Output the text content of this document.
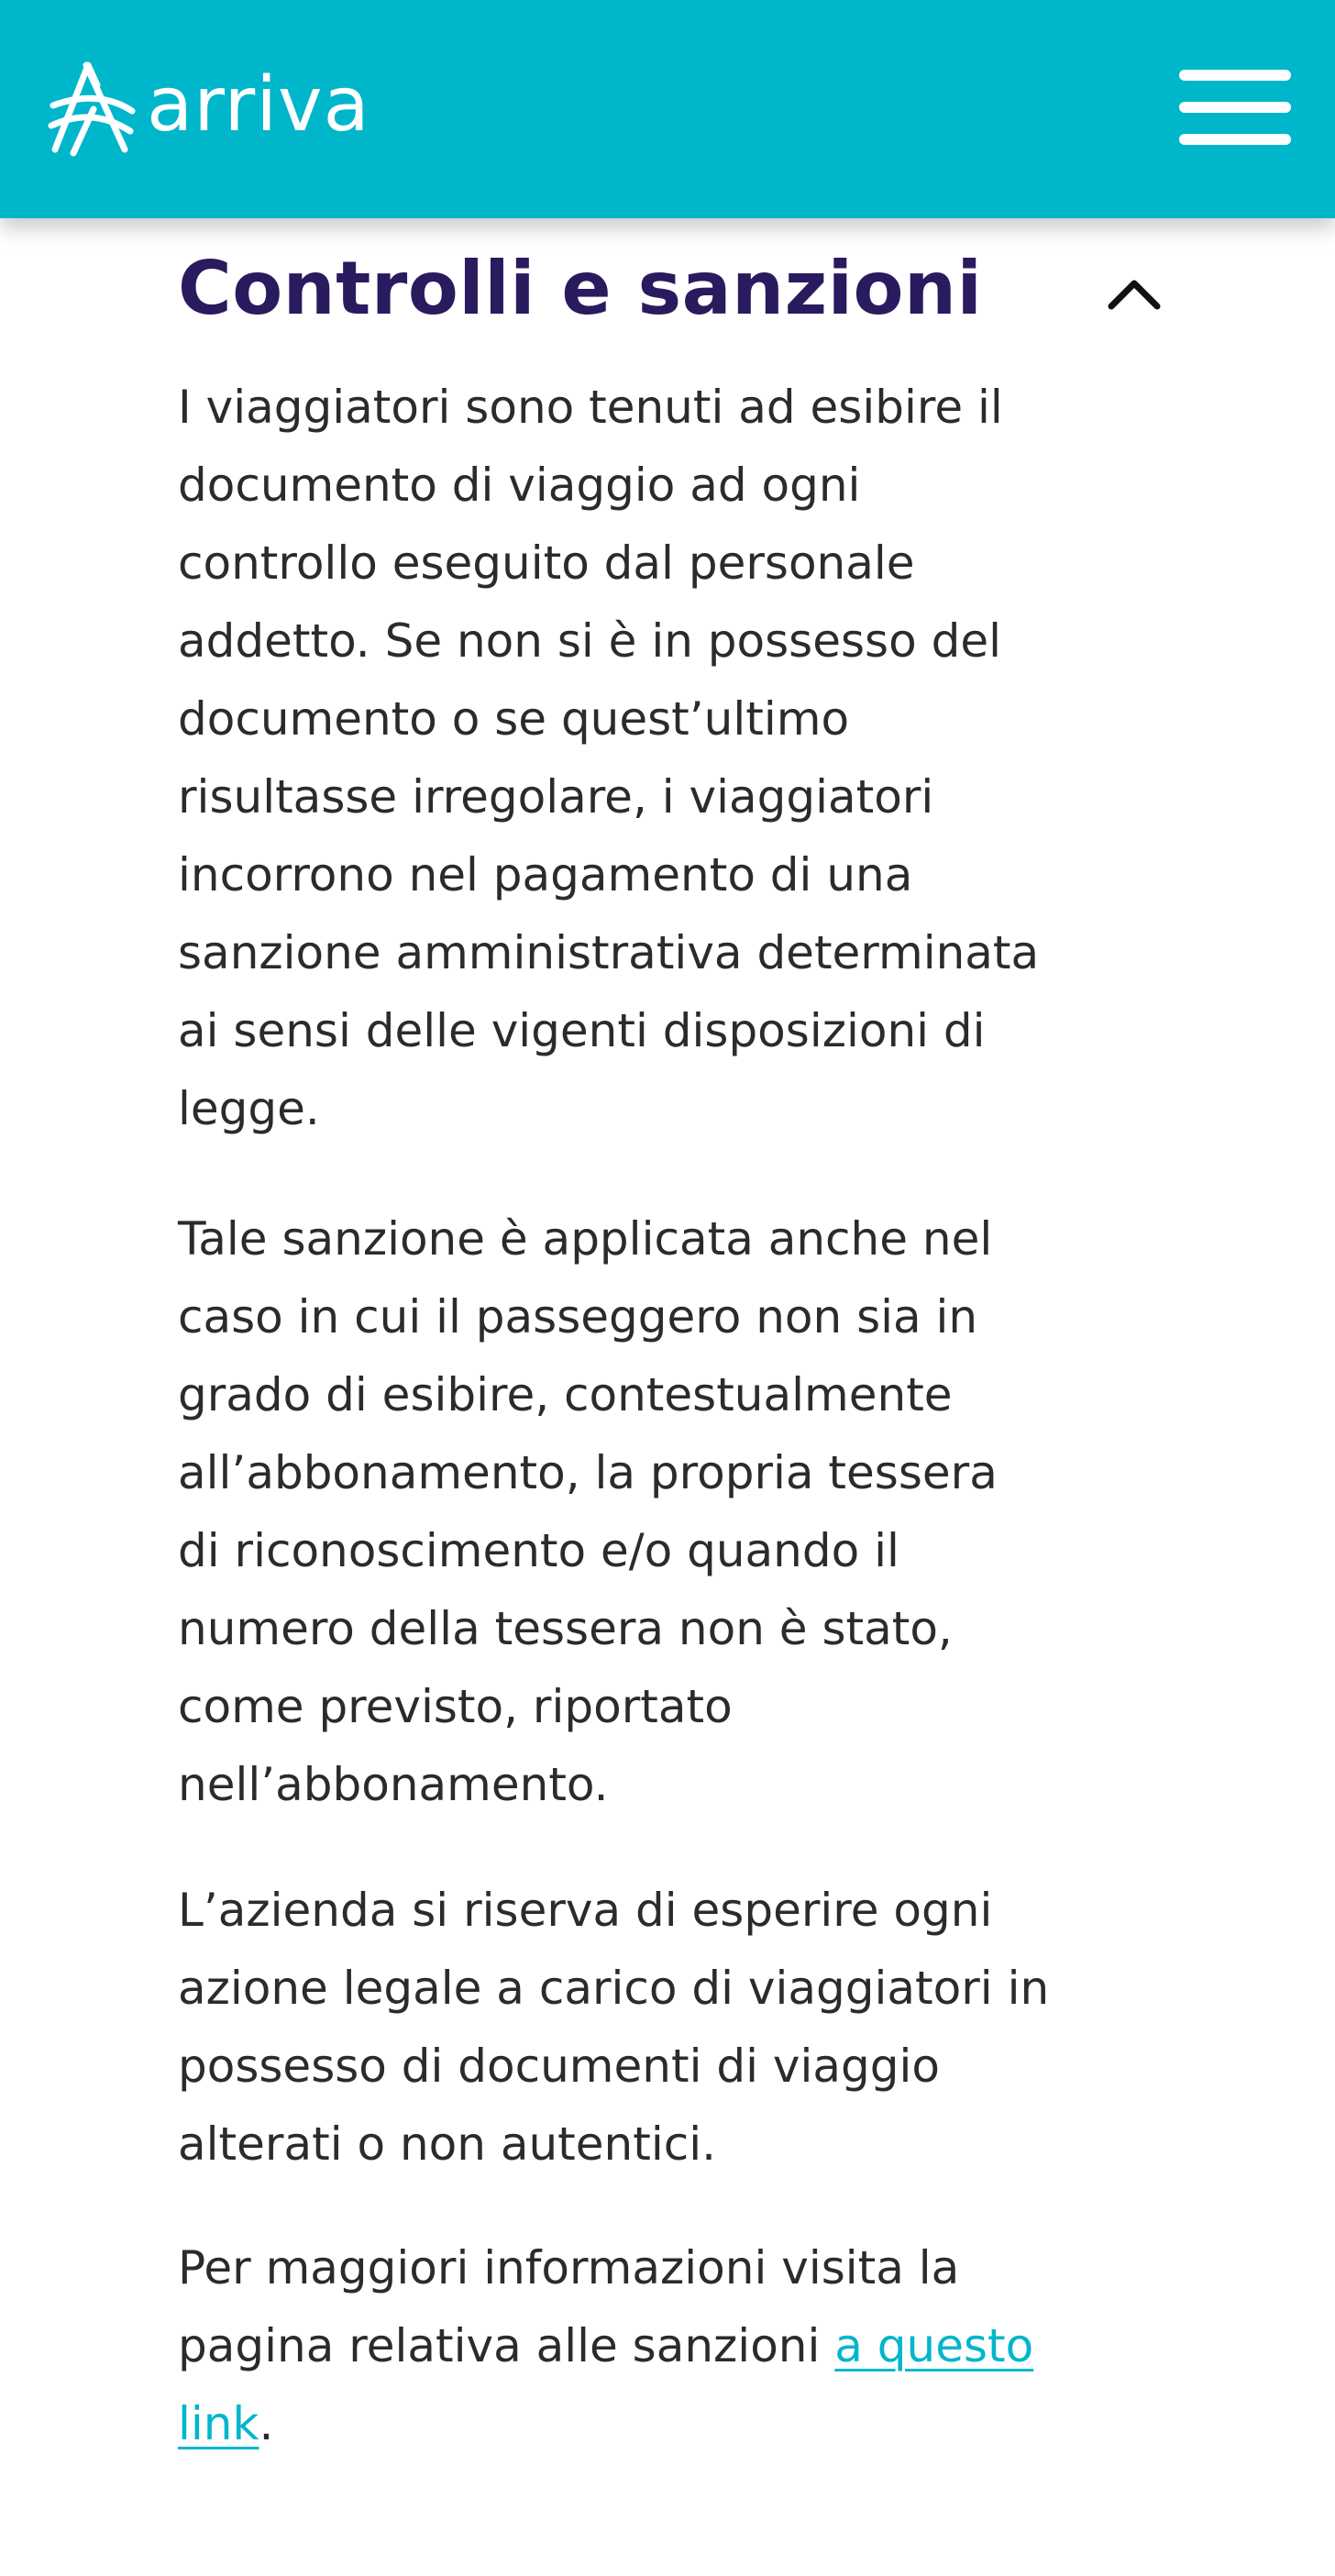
arriva
Controlli e sanzioni

I viaggiatori sono tenuti ad esibire il
documento di viaggio ad ogni
controllo eseguito dal personale
addetto. Se non si è in possesso del
documento o se quest’ultimo
risultasse irregolare, i viaggiatori
incorrono nel pagamento di una
sanzione amministrativa determinata
ai sensi delle vigenti disposizioni di
legge.

Tale sanzione è applicata anche nel
caso in cui il passeggero non sia in
grado di esibire, contestualmente
all’abbonamento, la propria tessera
di riconoscimento e/o quando il
numero della tessera non è stato,
come previsto, riportato
nell’abbonamento.

L’azienda si riserva di esperire ogni
azione legale a carico di viaggiatori in
possesso di documenti di viaggio
alterati o non autentici.

Per maggiori informazioni visita la
pagina relativa alle sanzioni a questo
link.
